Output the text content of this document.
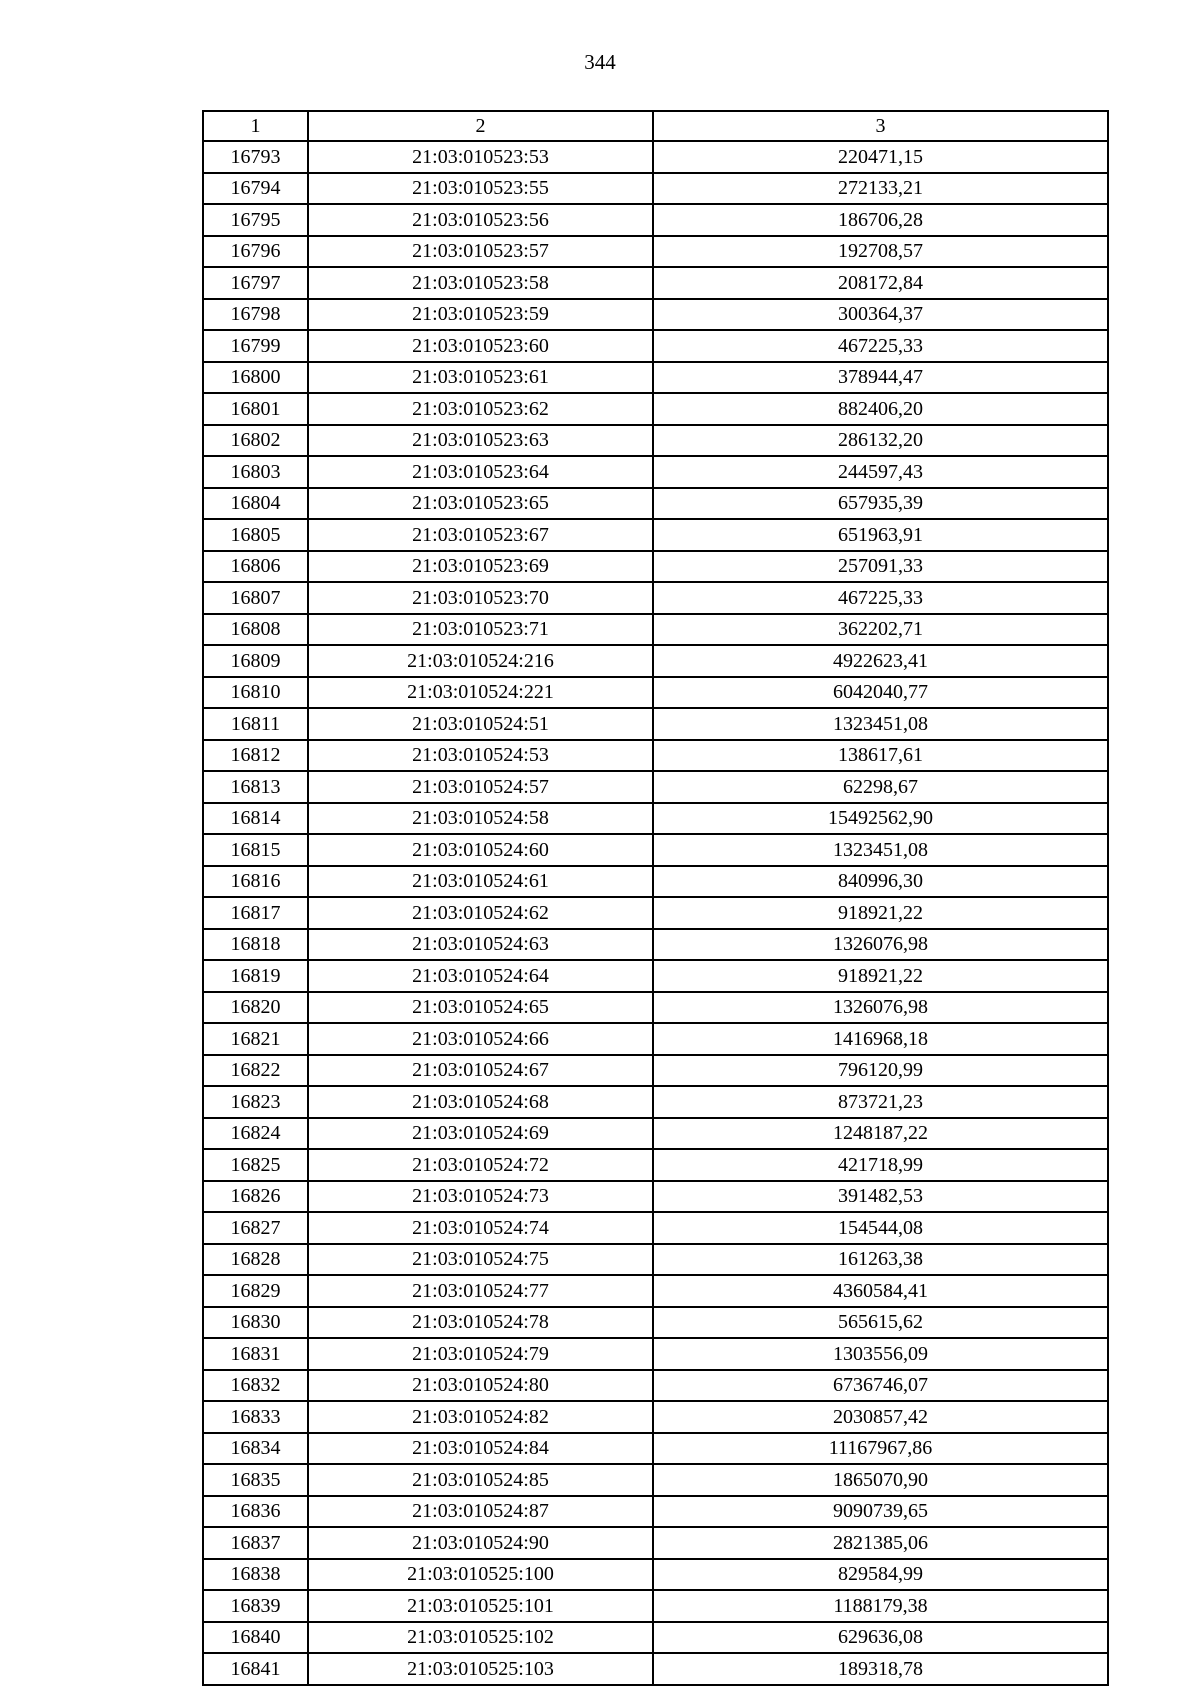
344
1	2	3
16793	21:03:010523:53	220471,15
16794	21:03:010523:55	272133,21
16795	21:03:010523:56	186706,28
16796	21:03:010523:57	192708,57
16797	21:03:010523:58	208172,84
16798	21:03:010523:59	300364,37
16799	21:03:010523:60	467225,33
16800	21:03:010523:61	378944,47
16801	21:03:010523:62	882406,20
16802	21:03:010523:63	286132,20
16803	21:03:010523:64	244597,43
16804	21:03:010523:65	657935,39
16805	21:03:010523:67	651963,91
16806	21:03:010523:69	257091,33
16807	21:03:010523:70	467225,33
16808	21:03:010523:71	362202,71
16809	21:03:010524:216	4922623,41
16810	21:03:010524:221	6042040,77
16811	21:03:010524:51	1323451,08
16812	21:03:010524:53	138617,61
16813	21:03:010524:57	62298,67
16814	21:03:010524:58	15492562,90
16815	21:03:010524:60	1323451,08
16816	21:03:010524:61	840996,30
16817	21:03:010524:62	918921,22
16818	21:03:010524:63	1326076,98
16819	21:03:010524:64	918921,22
16820	21:03:010524:65	1326076,98
16821	21:03:010524:66	1416968,18
16822	21:03:010524:67	796120,99
16823	21:03:010524:68	873721,23
16824	21:03:010524:69	1248187,22
16825	21:03:010524:72	421718,99
16826	21:03:010524:73	391482,53
16827	21:03:010524:74	154544,08
16828	21:03:010524:75	161263,38
16829	21:03:010524:77	4360584,41
16830	21:03:010524:78	565615,62
16831	21:03:010524:79	1303556,09
16832	21:03:010524:80	6736746,07
16833	21:03:010524:82	2030857,42
16834	21:03:010524:84	11167967,86
16835	21:03:010524:85	1865070,90
16836	21:03:010524:87	9090739,65
16837	21:03:010524:90	2821385,06
16838	21:03:010525:100	829584,99
16839	21:03:010525:101	1188179,38
16840	21:03:010525:102	629636,08
16841	21:03:010525:103	189318,78
